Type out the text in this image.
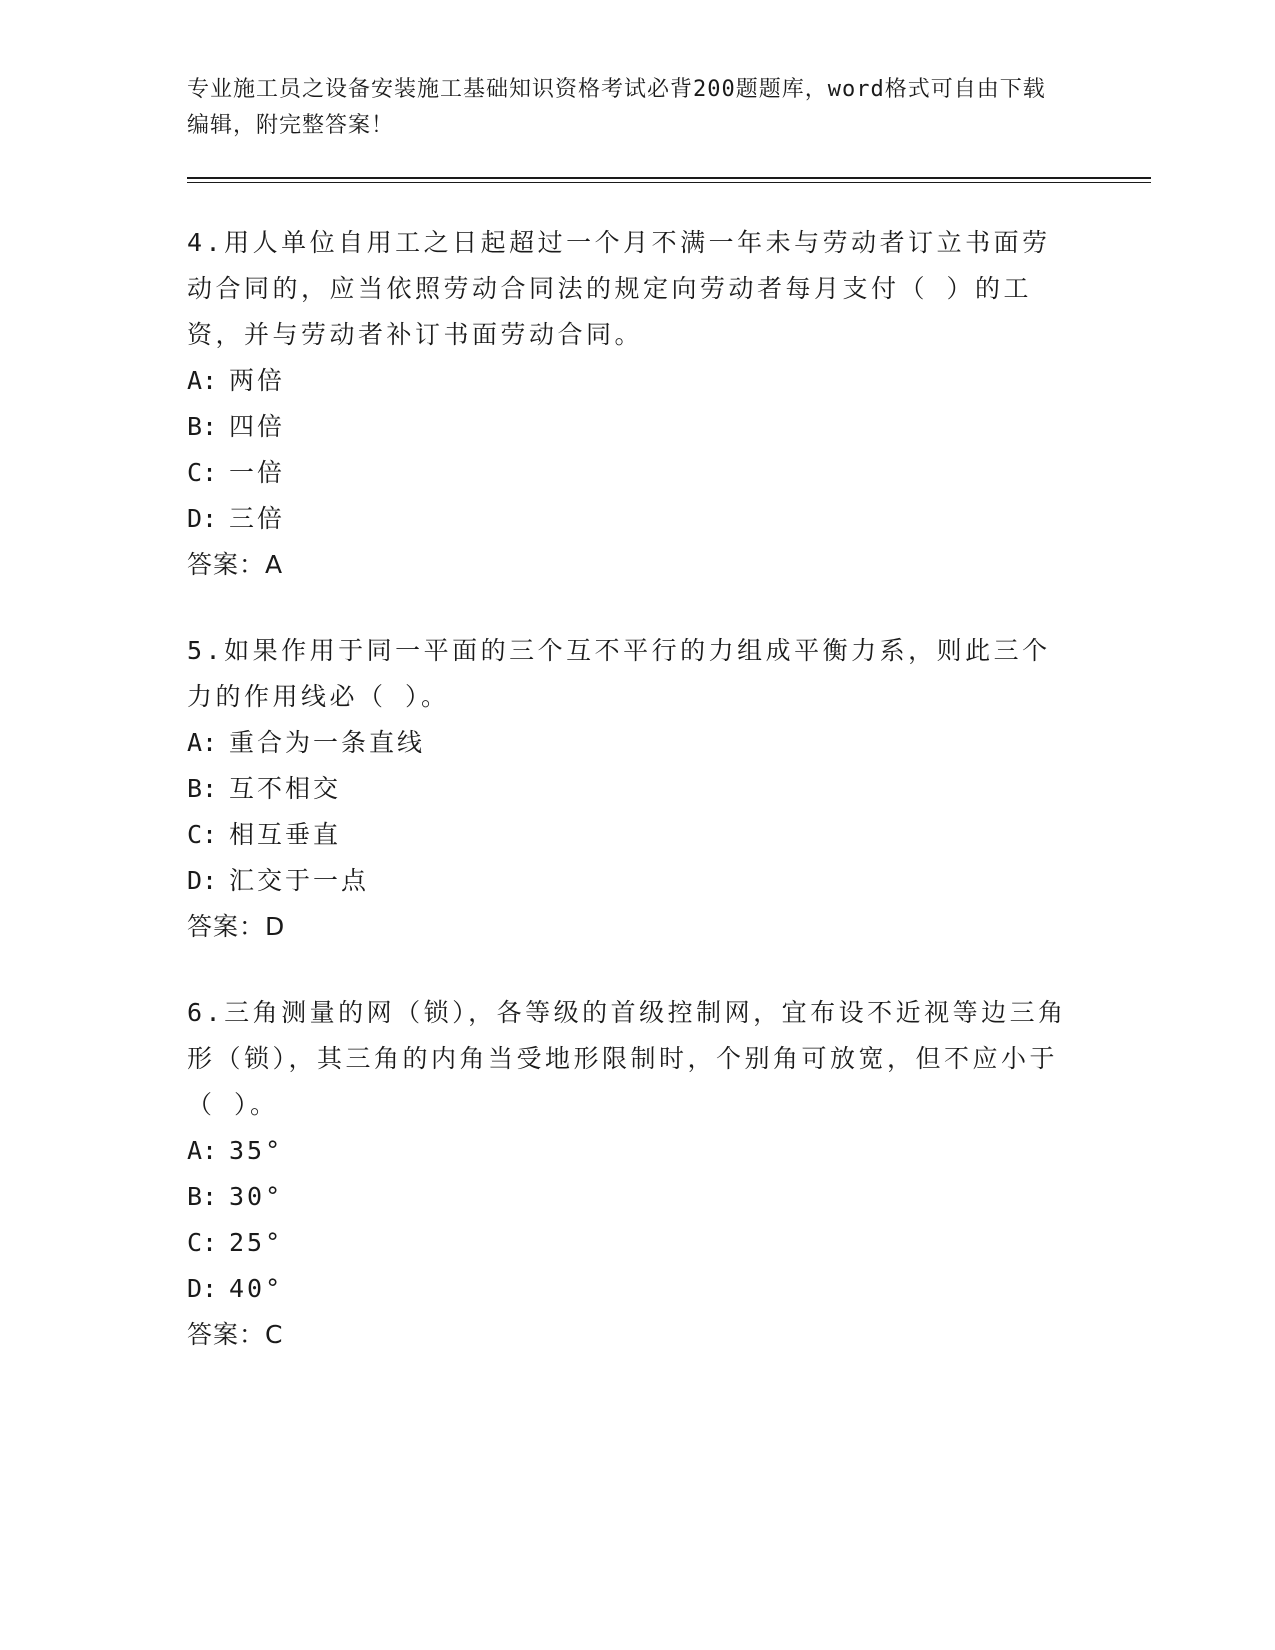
专业施工员之设备安装施工基础知识资格考试必背200题题库，word格式可自由下载编辑，附完整答案！
4.用人单位自用工之日起超过一个月不满一年未与劳动者订立书面劳动合同的，应当依照劳动合同法的规定向劳动者每月支付（ ）的工资，并与劳动者补订书面劳动合同。
A: 两倍
B: 四倍
C: 一倍
D: 三倍
答案：A
5.如果作用于同一平面的三个互不平行的力组成平衡力系，则此三个力的作用线必（ ）。
A: 重合为一条直线
B: 互不相交
C: 相互垂直
D: 汇交于一点
答案：D
6.三角测量的网（锁），各等级的首级控制网，宜布设不近视等边三角形（锁），其三角的内角当受地形限制时，个别角可放宽，但不应小于（ ）。
A: 35°
B: 30°
C: 25°
D: 40°
答案：C
